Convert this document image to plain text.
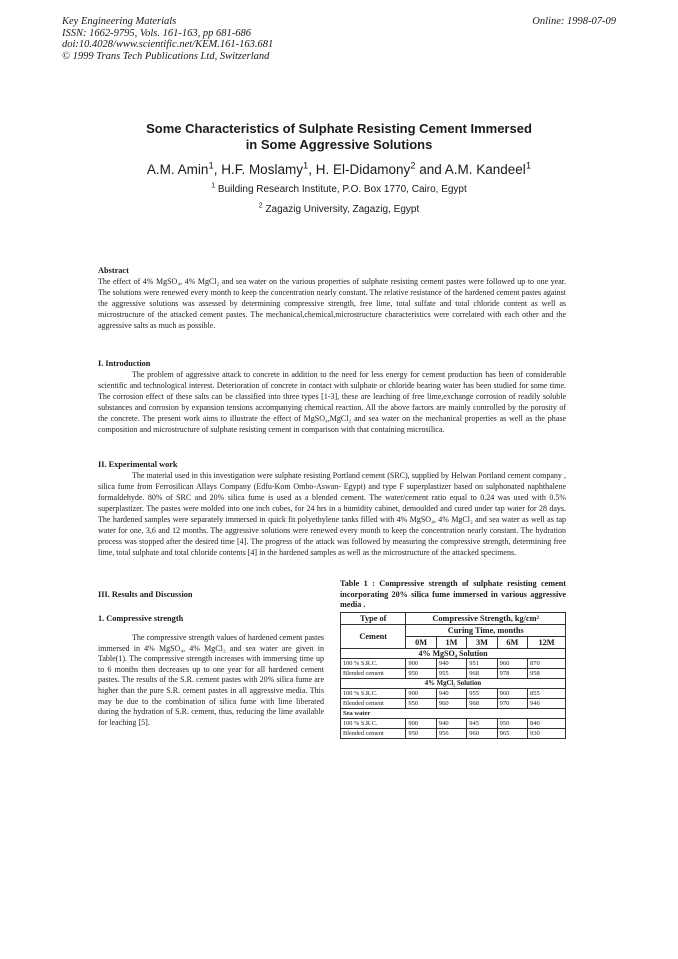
Key Engineering Materials
ISSN: 1662-9795, Vols. 161-163, pp 681-686
doi:10.4028/www.scientific.net/KEM.161-163.681
© 1999 Trans Tech Publications Ltd, Switzerland
Online: 1998-07-09
Some Characteristics of Sulphate Resisting Cement Immersed
in Some Aggressive Solutions
A.M. Amin$^1$, H.F. Moslamy$^1$, H. El-Didamony$^2$ and A.M. Kandeel$^1$
$^1$ Building Research Institute, P.O. Box 1770, Cairo, Egypt
$^2$ Zagazig University, Zagazig, Egypt

Abstract

The effect of 4% MgSO₄, 4% MgCl₂ and sea water on the various properties of sulphate resisting cement pastes were followed up to one year. The solutions were renewed every month to keep the concentration nearly constant. The relative resistance of the hardened cement pastes against the aggressive solutions was assessed by determining compressive strength, free lime, total sulfate and total chloride content as well as microstructure of the attacked cement pastes. The mechanical,chemical,microstructure characteristics were correlated with each other and the aggressive salts as much as possible.

I. Introduction

The problem of aggressive attack to concrete in addition to the need for less energy for cement production has been of considerable scientific and technological interest. Deterioration of concrete in contact with sulphate or chloride bearing water has been studied for some time. The corrosion effect of these salts can be classified into three types [1-3], these are leaching of free lime,exchange corrosion of readily soluble substances and corrosion by expansion tensions accompanying chemical reaction. All the above factors are mainly controlled by the porosity of the concrete. The present work aims to illustrate the effect of MgSO₄,MgCl₂ and sea water on the mechanical properties as well as the phase composition and microstructure of sulphate resisting cement in comparison with that containing microsilica.

II. Experimental work

The material used in this investigation were sulphate resisting Portland cement (SRC), supplied by Helwan Portland cement company , silica fume from Ferrosilican Allays Company (Edfu-Kom Ombo-Aswan- Egypt) and type F superplastizer based on sulphonated naphthalene formaldehyde. 80% of SRC and 20% silica fume is used as a blended cement. The water/cement ratio equal to 0.24 was used with 0.5% superplastizer. The pastes were molded into one inch cubes, for 24 hrs in a humidity cabinet, demoulded and cured under tap water for 28 days. The hardened samples were separately immersed in quick fit polyethylene tanks filled with 4% MgSO₄, 4% MgCl₂ and sea water as well as tap water for one, 3,6 and 12 months. The aggressive solutions were renewed every month to keep the concentration nearly constant. The hydration process was stopped after the desired time [4]. The progress of the attack was followed by measuring the compressive strength, determining free lime, total sulphate and total chloride contents [4] in the hardened samples as well as the microstructure of the attacked specimens.

III. Results and Discussion
1. Compressive strength
The compressive strength values of hardened cement pastes immersed in 4% MgSO₄, 4% MgCl₂ and sea water are given in Table(1). The compressive strength increases with immersing time up to 6 months then decreases up to one year for all hardened cement pastes. The results of the S.R. cement pastes with 20% silica fume are higher than the pure S.R. cement pastes in all aggressive media. This may be due to the combination of silica fume with lime liberated during the hydration of S.R. cement, thus, reducing the lime available for leaching [5].
Table 1 : Compressive strength of sulphate resisting cement incorporating 20% silica fume immersed in various aggressive media .
Type of	Compressive Strength, kg/cm²				
Cement	Curing Time, months				
	0M	1M	3M	6M	12M
4% MgSO₄ Solution					
100 % S.R.C.	900	940	951	960	870
Blended cement	950	955	968	978	958
4% MgCl₂ Solution					
100 % S.R.C.	900	940	955	960	855
Blended cement	950	960	968	970	946
Sea water					
100 % S.R.C.	900	940	945	950	840
Blended cement	950	956	960	965	930
